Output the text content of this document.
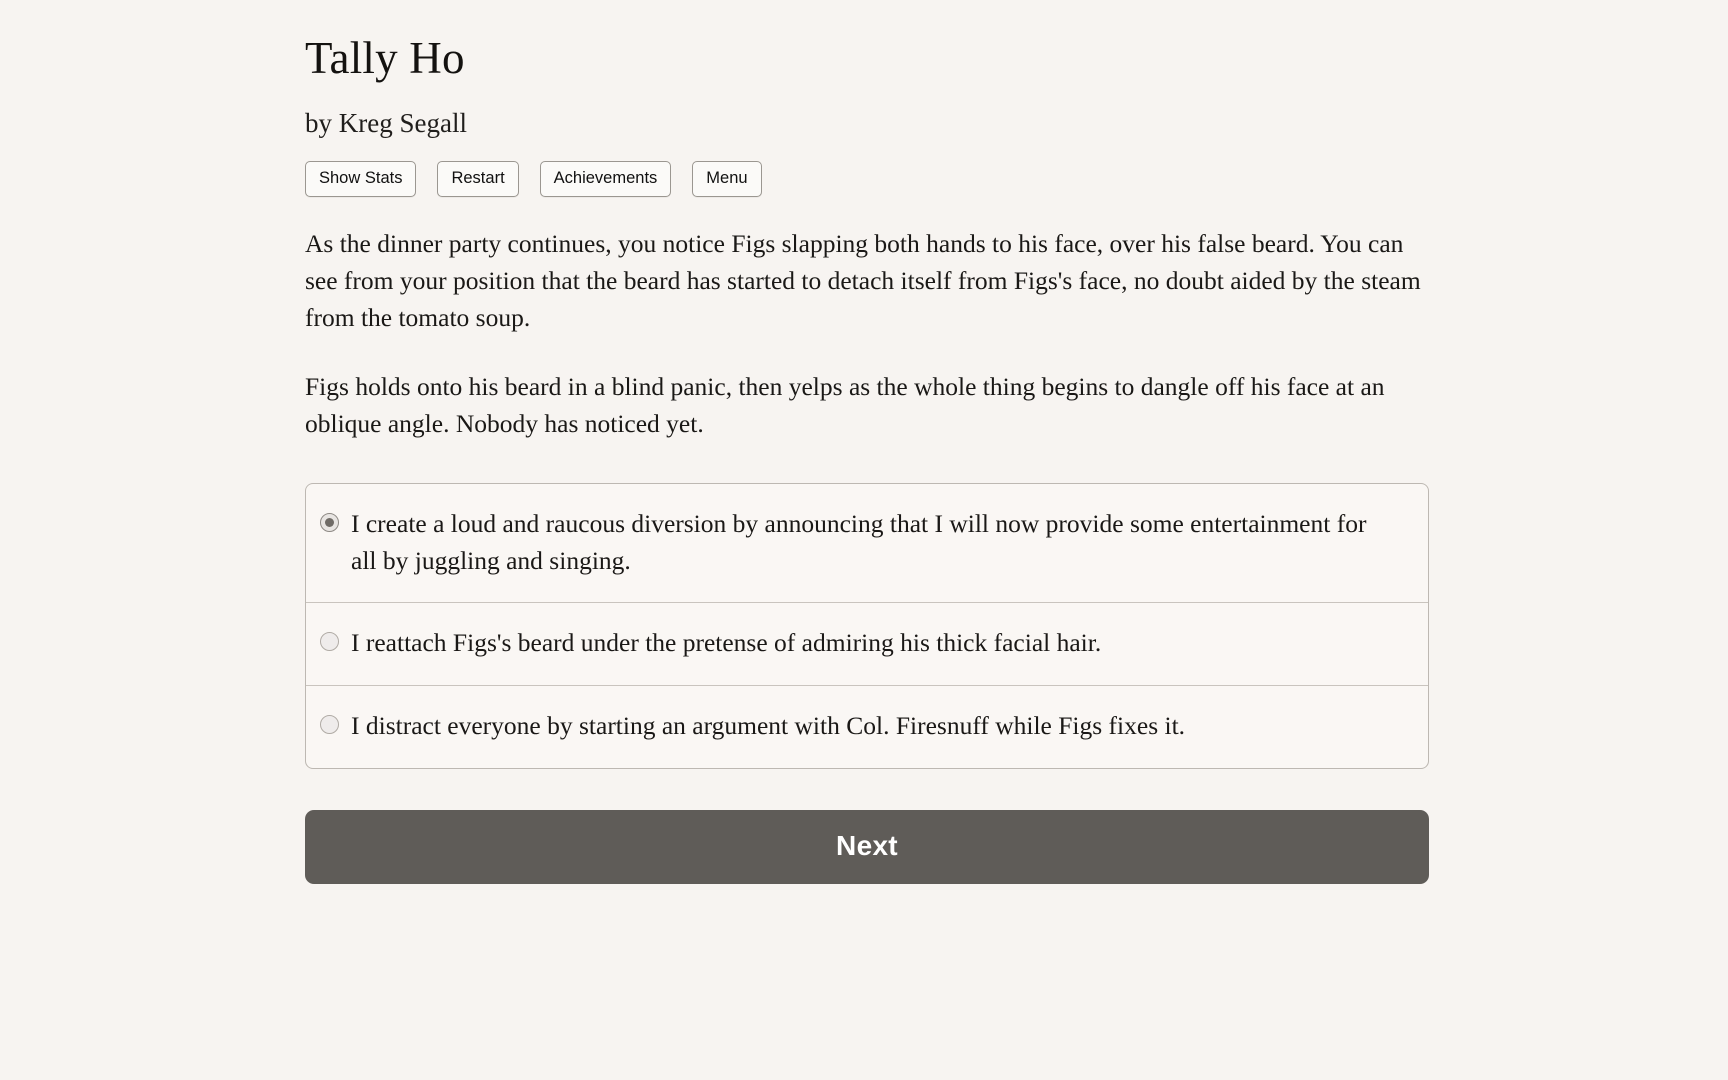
Tally Ho
by Kreg Segall
Show Stats	Restart	Achievements	Menu

As the dinner party continues, you notice Figs slapping both hands to his face, over his false beard. You can see from your position that the beard has started to detach itself from Figs's face, no doubt aided by the steam from the tomato soup.

Figs holds onto his beard in a blind panic, then yelps as the whole thing begins to dangle off his face at an oblique angle. Nobody has noticed yet.

I create a loud and raucous diversion by announcing that I will now provide some entertainment for all by juggling and singing.
I reattach Figs's beard under the pretense of admiring his thick facial hair.
I distract everyone by starting an argument with Col. Firesnuff while Figs fixes it.
Next
